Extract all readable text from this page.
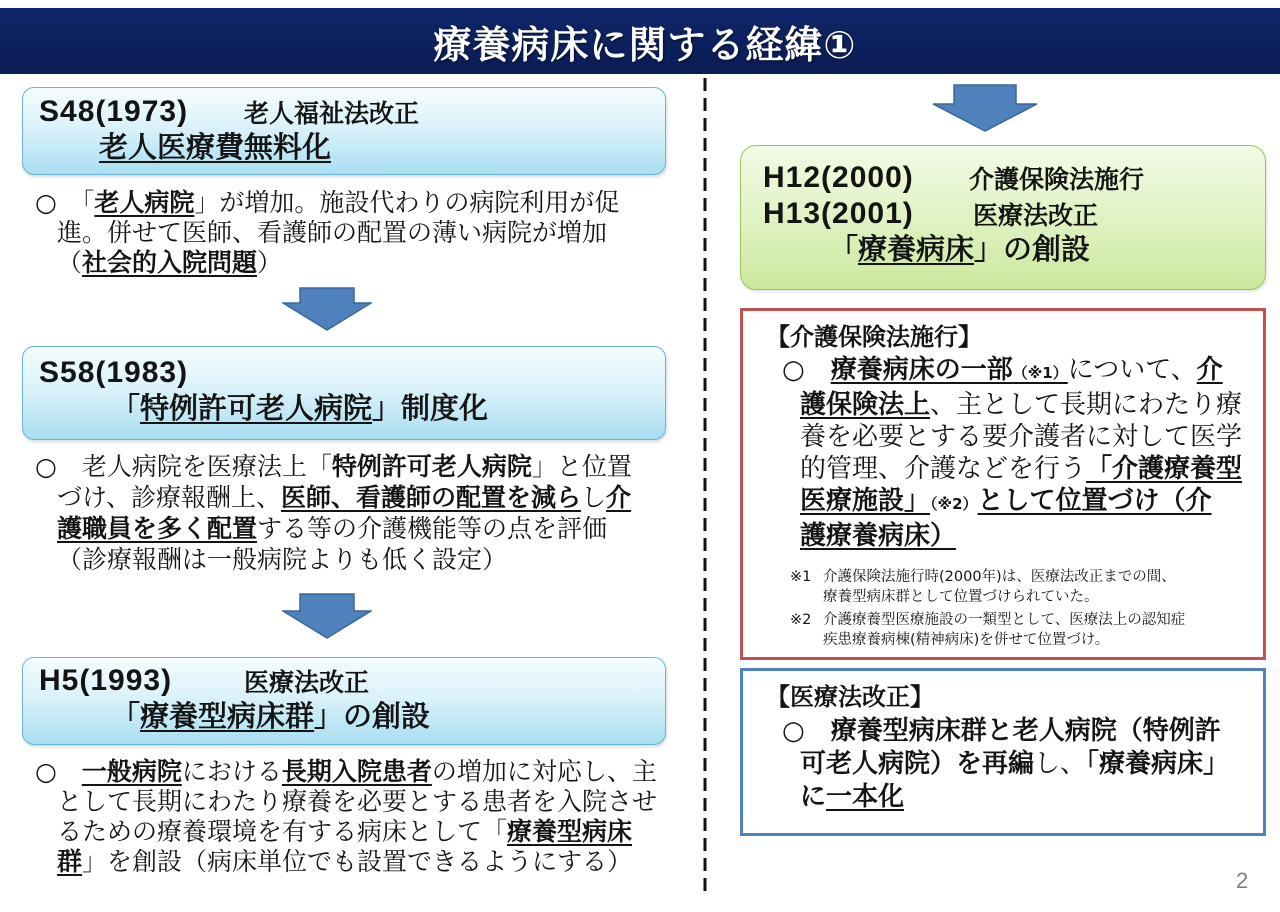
療養病床に関する経緯①
S48(1973)	老人福祉法改正
老人医療費無料化
○　「老人病院」が増加。施設代わりの病院利用が促
進。併せて医師、看護師の配置の薄い病院が増加
（社会的入院問題）
S58(1983)
「特例許可老人病院」制度化
○　老人病院を医療法上「特例許可老人病院」と位置
づけ、診療報酬上、医師、看護師の配置を減らし介
護職員を多く配置する等の介護機能等の点を評価
（診療報酬は一般病院よりも低く設定）
H5(1993)	医療法改正
「療養型病床群」の創設
○　一般病院における長期入院患者の増加に対応し、主
として長期にわたり療養を必要とする患者を入院させ
るための療養環境を有する病床として「療養型病床
群」を創設（病床単位でも設置できるようにする）
H12(2000)	介護保険法施行
H13(2001)	医療法改正
「療養病床」の創設
【介護保険法施行】
○　療養病床の一部（※1）について、介
護保険法上、主として長期にわたり療
養を必要とする要介護者に対して医学
的管理、介護などを行う「介護療養型
医療施設」（※2）として位置づけ（介
護療養病床）
※1 介護保険法施行時(2000年)は、医療法改正までの間、
療養型病床群として位置づけられていた。
※2 介護療養型医療施設の一類型として、医療法上の認知症
疾患療養病棟(精神病床)を併せて位置づけ。
【医療法改正】
○　療養型病床群と老人病院（特例許
可老人病院）を再編し、「療養病床」
に一本化
2
